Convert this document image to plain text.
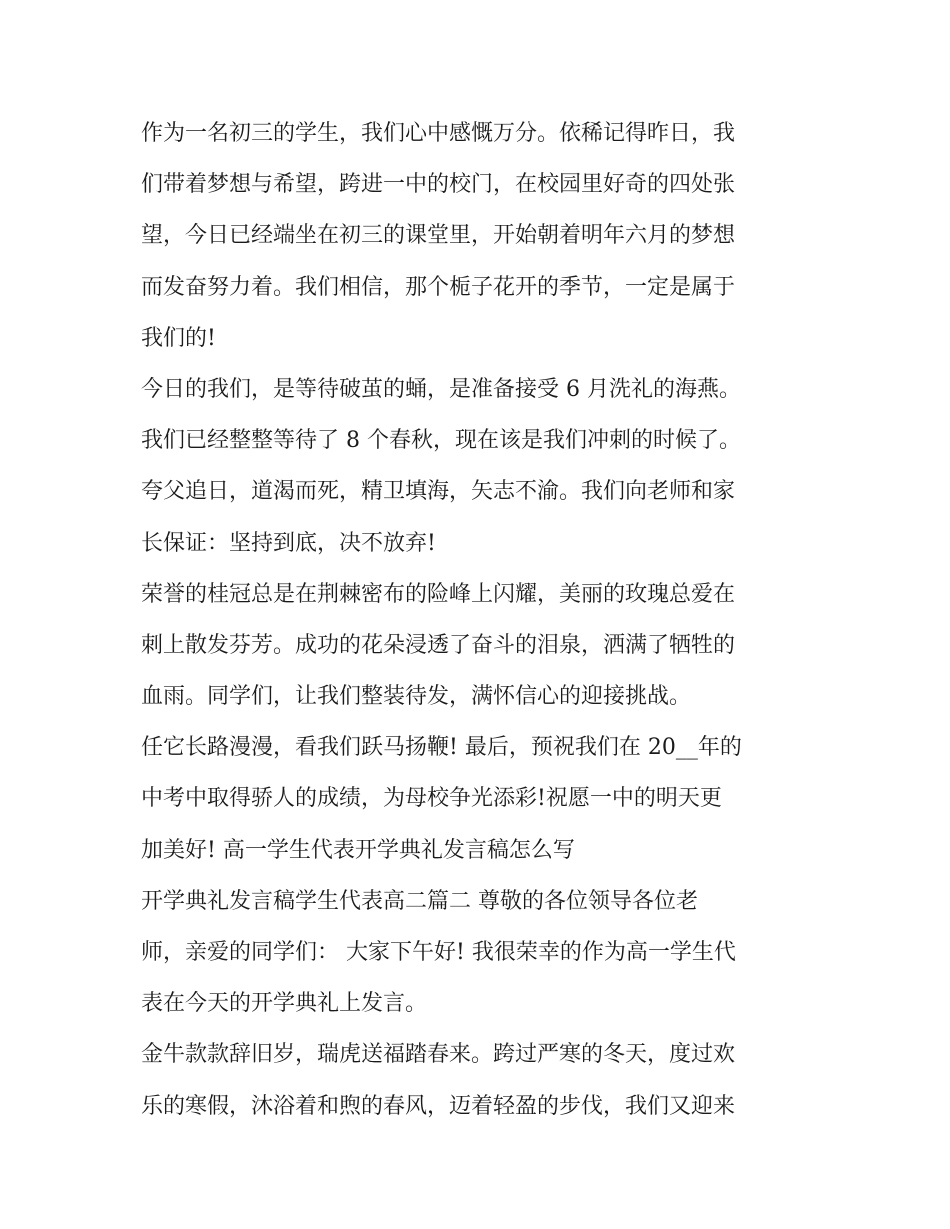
作为一名初三的学生，我们心中感慨万分。依稀记得昨日，我
们带着梦想与希望，跨进一中的校门，在校园里好奇的四处张
望，今日已经端坐在初三的课堂里，开始朝着明年六月的梦想
而发奋努力着。我们相信，那个栀子花开的季节，一定是属于
我们的!
今日的我们，是等待破茧的蛹，是准备接受 6 月洗礼的海燕。
我们已经整整等待了 8 个春秋，现在该是我们冲刺的时候了。
夸父追日，道渴而死，精卫填海，矢志不渝。我们向老师和家
长保证：坚持到底，决不放弃!
荣誉的桂冠总是在荆棘密布的险峰上闪耀，美丽的玫瑰总爱在
刺上散发芬芳。成功的花朵浸透了奋斗的泪泉，洒满了牺牲的
血雨。同学们，让我们整装待发，满怀信心的迎接挑战。
任它长路漫漫，看我们跃马扬鞭! 最后，预祝我们在 20__年的
中考中取得骄人的成绩，为母校争光添彩!祝愿一中的明天更
加美好! 高一学生代表开学典礼发言稿怎么写
开学典礼发言稿学生代表高二篇二 尊敬的各位领导各位老
师，亲爱的同学们： 大家下午好! 我很荣幸的作为高一学生代
表在今天的开学典礼上发言。
金牛款款辞旧岁，瑞虎送福踏春来。跨过严寒的冬天，度过欢
乐的寒假，沐浴着和煦的春风，迈着轻盈的步伐，我们又迎来
